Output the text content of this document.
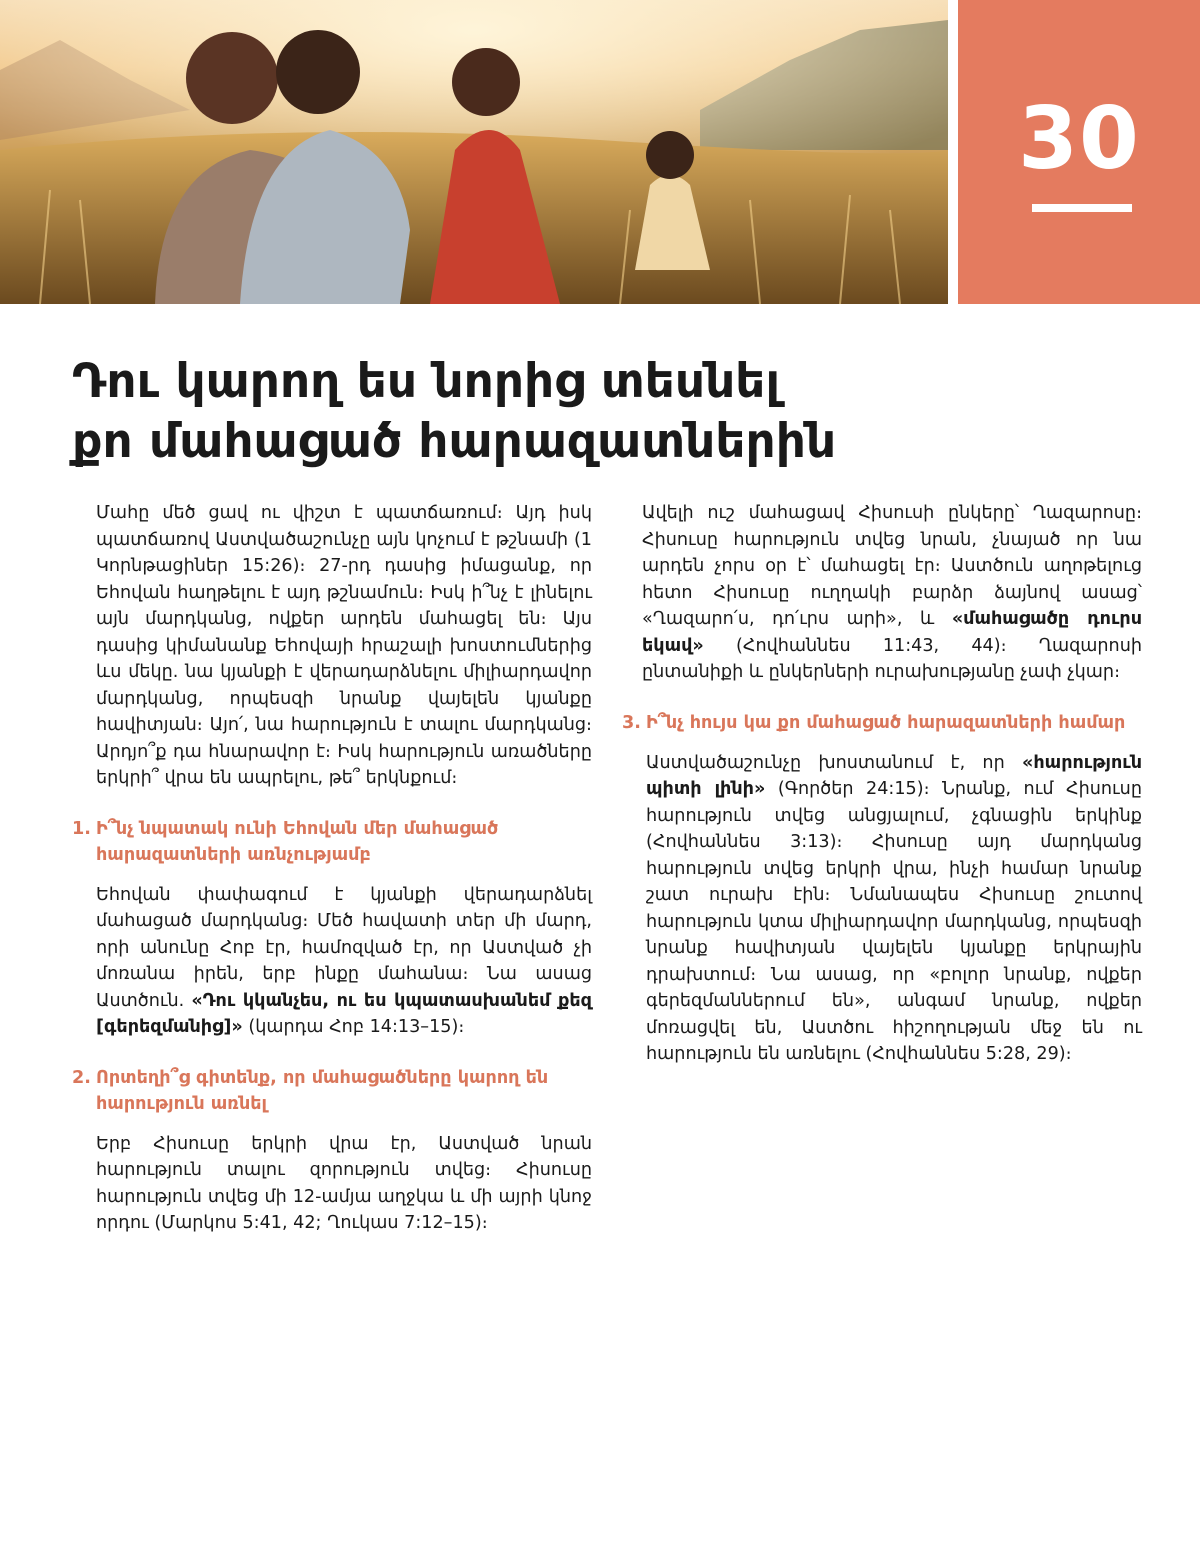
30
Դու կարող ես նորից տեսնել
քո մահացած հարազատներին

Մահը մեծ ցավ ու վիշտ է պատճառում։ Այդ իսկ պատճառով Աստվածաշունչը այն կոչում է թշնամի (1 Կորնթացիներ 15:26)։ 27-րդ դասից իմացանք, որ Եհովան հաղթելու է այդ թշնամուն։ Իսկ ի՞նչ է լինելու այն մարդկանց, ովքեր արդեն մահացել են։ Այս դասից կիմանանք Եհովայի հրաշալի խոստումներից ևս մեկը. նա կյանքի է վերադարձնելու միլիարդավոր մարդկանց, որպեսզի նրանք վայելեն կյանքը հավիտյան։ Այո՛, նա հարություն է տալու մարդկանց։ Արդյո՞ք դա հնարավոր է։ Իսկ հարություն առածները երկրի՞ վրա են ապրելու, թե՞ երկնքում։

1. Ի՞նչ նպատակ ունի Եհովան մեր մահացած հարազատների առնչությամբ

Եհովան փափագում է կյանքի վերադարձնել մահացած մարդկանց։ Մեծ հավատի տեր մի մարդ, որի անունը Հոբ էր, համոզված էր, որ Աստված չի մոռանա իրեն, երբ ինքը մահանա։ Նա ասաց Աստծուն. «Դու կկանչես, ու ես կպատասխանեմ քեզ [գերեզմանից]» (կարդա Հոբ 14:13–15)։

2. Որտեղի՞ց գիտենք, որ մահացածները կարող են հարություն առնել

Երբ Հիսուսը երկրի վրա էր, Աստված նրան հարություն տալու զորություն տվեց։ Հիսուսը հարություն տվեց մի 12-ամյա աղջկա և մի այրի կնոջ որդու (Մարկոս 5:41, 42; Ղուկաս 7:12–15)։

Ավելի ուշ մահացավ Հիսուսի ընկերը՝ Ղազարոսը։ Հիսուսը հարություն տվեց նրան, չնայած որ նա արդեն չորս օր է՝ մահացել էր։ Աստծուն աղոթելուց հետո Հիսուսը ուղղակի բարձր ձայնով ասաց՝ «Ղազարո՛ս, դո՛ւրս արի», և «մահացածը դուրս եկավ» (Հովհաննես 11:43, 44)։ Ղազարոսի ընտանիքի և ընկերների ուրախությանը չափ չկար։

3. Ի՞նչ հույս կա քո մահացած հարազատների համար

Աստվածաշունչը խոստանում է, որ «հարություն պիտի լինի» (Գործեր 24:15)։ Նրանք, ում Հիսուսը հարություն տվեց անցյալում, չգնացին երկինք (Հովհաննես 3:13)։ Հիսուսը այդ մարդկանց հարություն տվեց երկրի վրա, ինչի համար նրանք շատ ուրախ էին։ Նմանապես Հիսուսը շուտով հարություն կտա միլիարդավոր մարդկանց, որպեսզի նրանք հավիտյան վայելեն կյանքը երկրային դրախտում։ Նա ասաց, որ «բոլոր նրանք, ովքեր գերեզմաններում են», անգամ նրանք, ովքեր մոռացվել են, Աստծու հիշողության մեջ են ու հարություն են առնելու (Հովհաննես 5:28, 29)։
